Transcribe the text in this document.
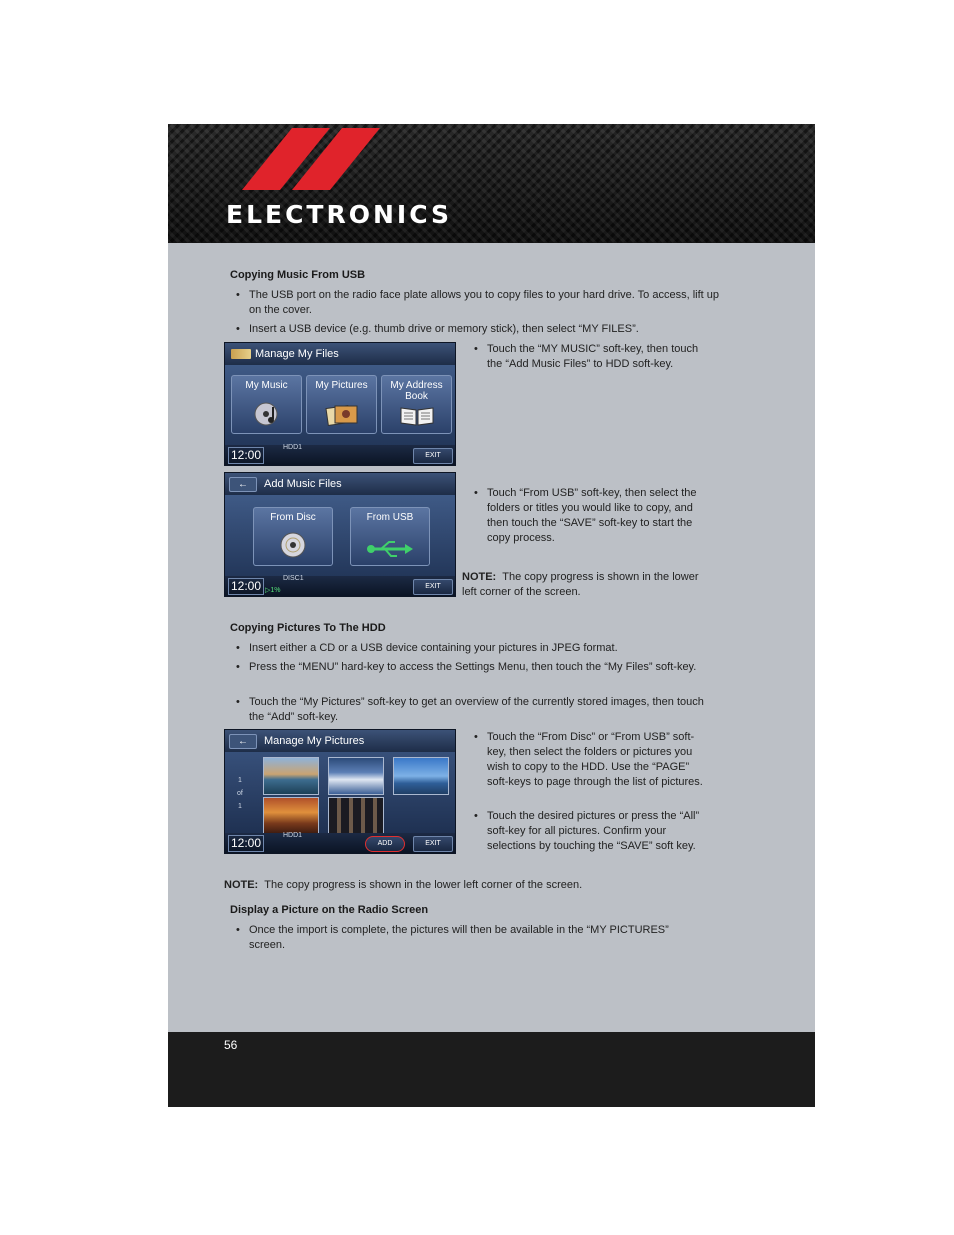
ELECTRONICS
Copying Music From USB
• The USB port on the radio face plate allows you to copy files to your hard drive. To access, lift up on the cover.
• Insert a USB device (e.g. thumb drive or memory stick), then select “MY FILES”.
Manage My Files
My Music	My Pictures	My Address Book
12:00
HDD1
EXIT
• Touch the “MY MUSIC” soft-key, then touch the “Add Music Files” to HDD soft-key.
←	Add Music Files
From Disc	From USB
12:00
DISC1
▷1%
EXIT
• Touch “From USB” soft-key, then select the folders or titles you would like to copy, and then touch the “SAVE” soft-key to start the copy process.
NOTE: The copy progress is shown in the lower left corner of the screen.
Copying Pictures To The HDD
• Insert either a CD or a USB device containing your pictures in JPEG format.
• Press the “MENU” hard-key to access the Settings Menu, then touch the “My Files” soft-key.
• Touch the “My Pictures” soft-key to get an overview of the currently stored images, then touch the “Add” soft-key.
←	Manage My Pictures
1
of
1
12:00
HDD1
ADD	EXIT
• Touch the “From Disc” or “From USB” soft-key, then select the folders or pictures you wish to copy to the HDD. Use the “PAGE” soft-keys to page through the list of pictures.
• Touch the desired pictures or press the “All” soft-key for all pictures. Confirm your selections by touching the “SAVE” soft key.
NOTE: The copy progress is shown in the lower left corner of the screen.
Display a Picture on the Radio Screen
• Once the import is complete, the pictures will then be available in the “MY PICTURES” screen.
56
